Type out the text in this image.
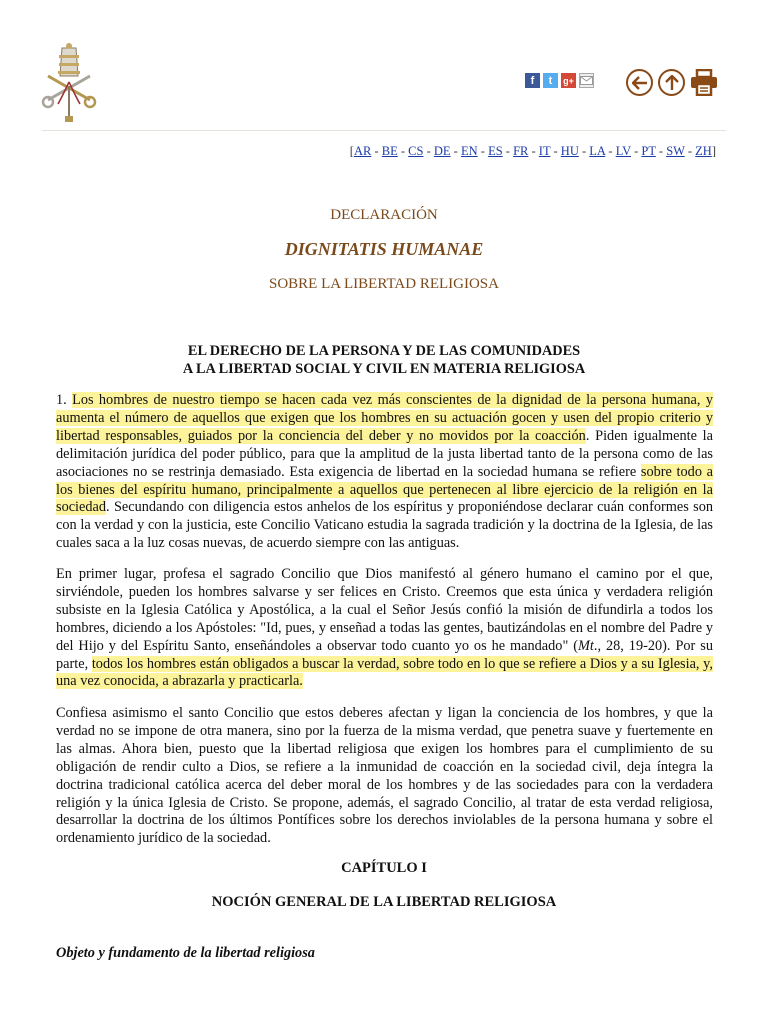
f	t	g+
[AR - BE - CS - DE - EN - ES - FR - IT - HU - LA - LV - PT - SW - ZH]
DECLARACIÓN
DIGNITATIS HUMANAE
SOBRE LA LIBERTAD RELIGIOSA
EL DERECHO DE LA PERSONA Y DE LAS COMUNIDADES
A LA LIBERTAD SOCIAL Y CIVIL EN MATERIA RELIGIOSA
1. Los hombres de nuestro tiempo se hacen cada vez más conscientes de la dignidad de la persona humana, y aumenta el número de aquellos que exigen que los hombres en su actuación gocen y usen del propio criterio y libertad responsables, guiados por la conciencia del deber y no movidos por la coacción. Piden igualmente la delimitación jurídica del poder público, para que la amplitud de la justa libertad tanto de la persona como de las asociaciones no se restrinja demasiado. Esta exigencia de libertad en la sociedad humana se refiere sobre todo a los bienes del espíritu humano, principalmente a aquellos que pertenecen al libre ejercicio de la religión en la sociedad. Secundando con diligencia estos anhelos de los espíritus y proponiéndose declarar cuán conformes son con la verdad y con la justicia, este Concilio Vaticano estudia la sagrada tradición y la doctrina de la Iglesia, de las cuales saca a la luz cosas nuevas, de acuerdo siempre con las antiguas.
En primer lugar, profesa el sagrado Concilio que Dios manifestó al género humano el camino por el que, sirviéndole, pueden los hombres salvarse y ser felices en Cristo. Creemos que esta única y verdadera religión subsiste en la Iglesia Católica y Apostólica, a la cual el Señor Jesús confió la misión de difundirla a todos los hombres, diciendo a los Apóstoles: "Id, pues, y enseñad a todas las gentes, bautizándolas en el nombre del Padre y del Hijo y del Espíritu Santo, enseñándoles a observar todo cuanto yo os he mandado" (Mt., 28, 19-20). Por su parte, todos los hombres están obligados a buscar la verdad, sobre todo en lo que se refiere a Dios y a su Iglesia, y, una vez conocida, a abrazarla y practicarla.
Confiesa asimismo el santo Concilio que estos deberes afectan y ligan la conciencia de los hombres, y que la verdad no se impone de otra manera, sino por la fuerza de la misma verdad, que penetra suave y fuertemente en las almas. Ahora bien, puesto que la libertad religiosa que exigen los hombres para el cumplimiento de su obligación de rendir culto a Dios, se refiere a la inmunidad de coacción en la sociedad civil, deja íntegra la doctrina tradicional católica acerca del deber moral de los hombres y de las sociedades para con la verdadera religión y la única Iglesia de Cristo. Se propone, además, el sagrado Concilio, al tratar de esta verdad religiosa, desarrollar la doctrina de los últimos Pontífices sobre los derechos inviolables de la persona humana y sobre el ordenamiento jurídico de la sociedad.
CAPÍTULO I
NOCIÓN GENERAL DE LA LIBERTAD RELIGIOSA
Objeto y fundamento de la libertad religiosa
